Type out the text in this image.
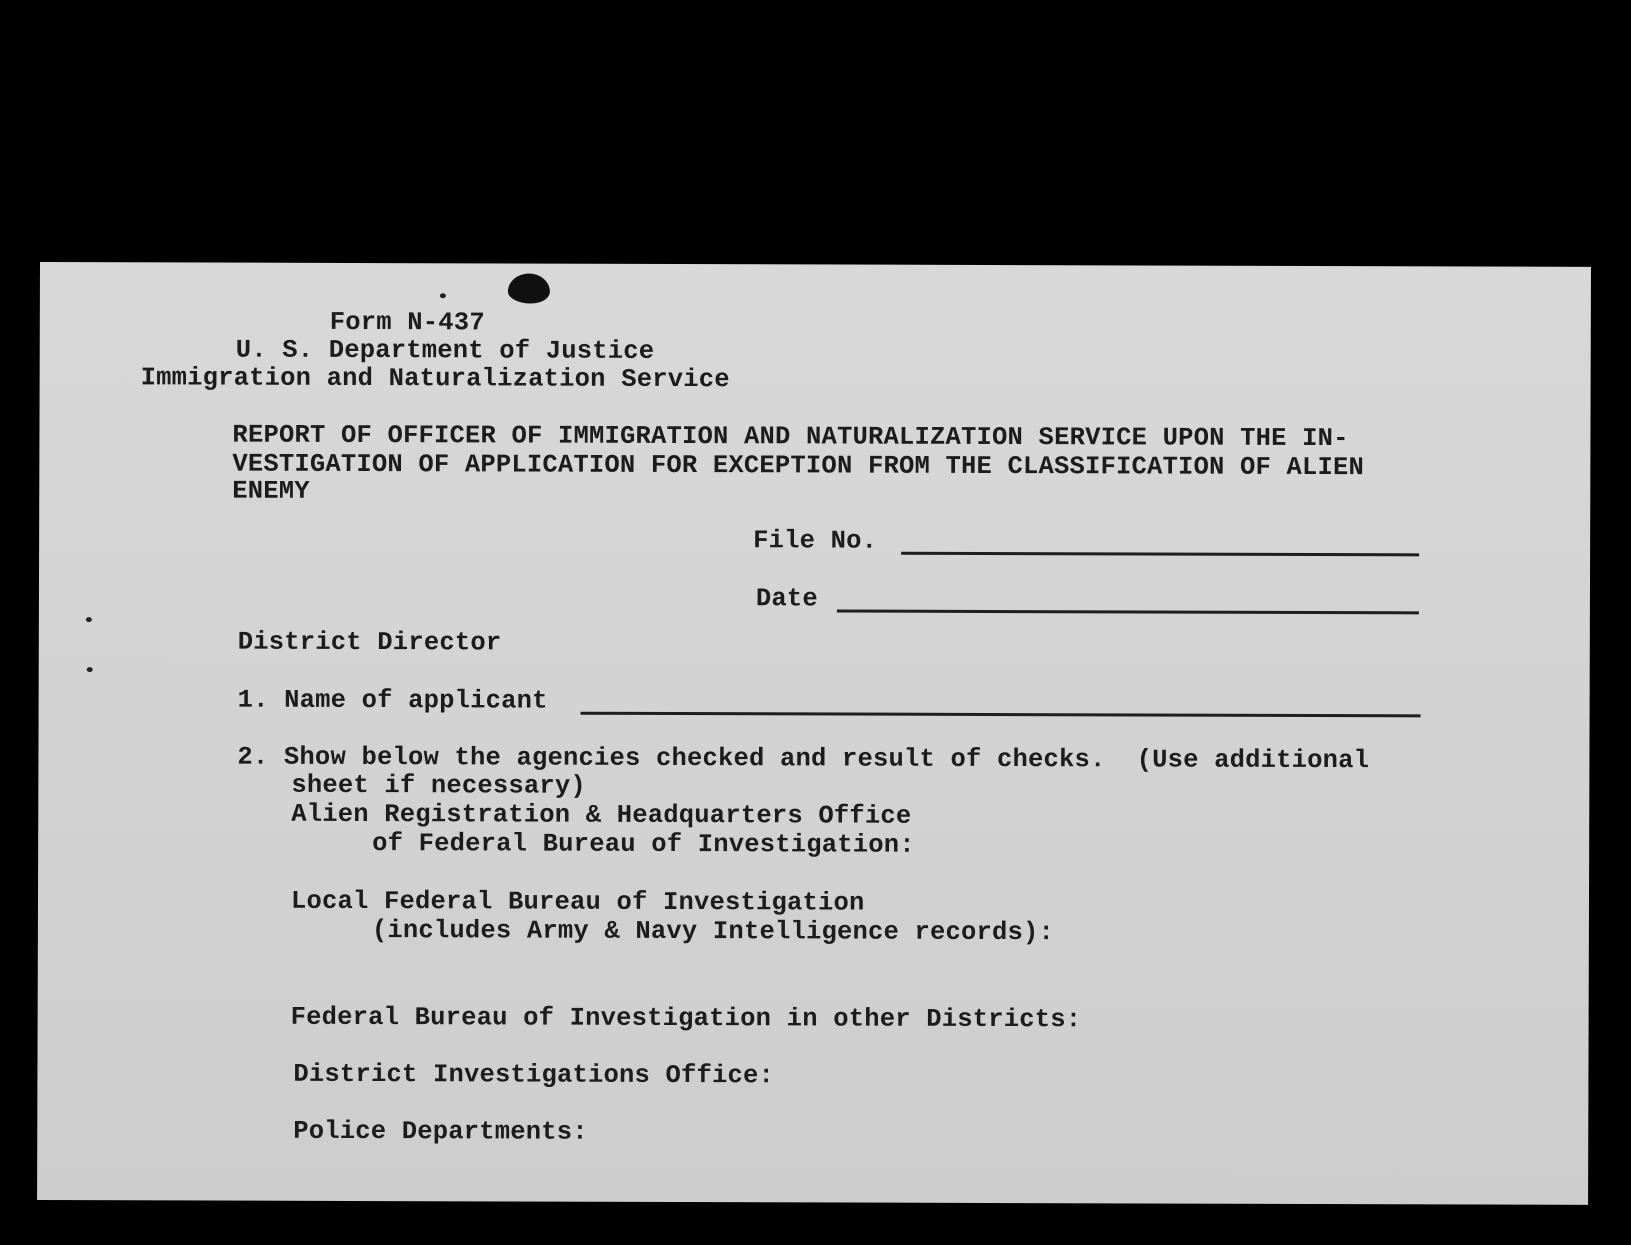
Form N-437
U. S. Department of Justice
Immigration and Naturalization Service
REPORT OF OFFICER OF IMMIGRATION AND NATURALIZATION SERVICE UPON THE IN-
VESTIGATION OF APPLICATION FOR EXCEPTION FROM THE CLASSIFICATION OF ALIEN
ENEMY
File No.
Date
District Director
1. Name of applicant
2. Show below the agencies checked and result of checks.  (Use additional
sheet if necessary)
Alien Registration & Headquarters Office
of Federal Bureau of Investigation:
Local Federal Bureau of Investigation
(includes Army & Navy Intelligence records):
Federal Bureau of Investigation in other Districts:
District Investigations Office:
Police Departments:
